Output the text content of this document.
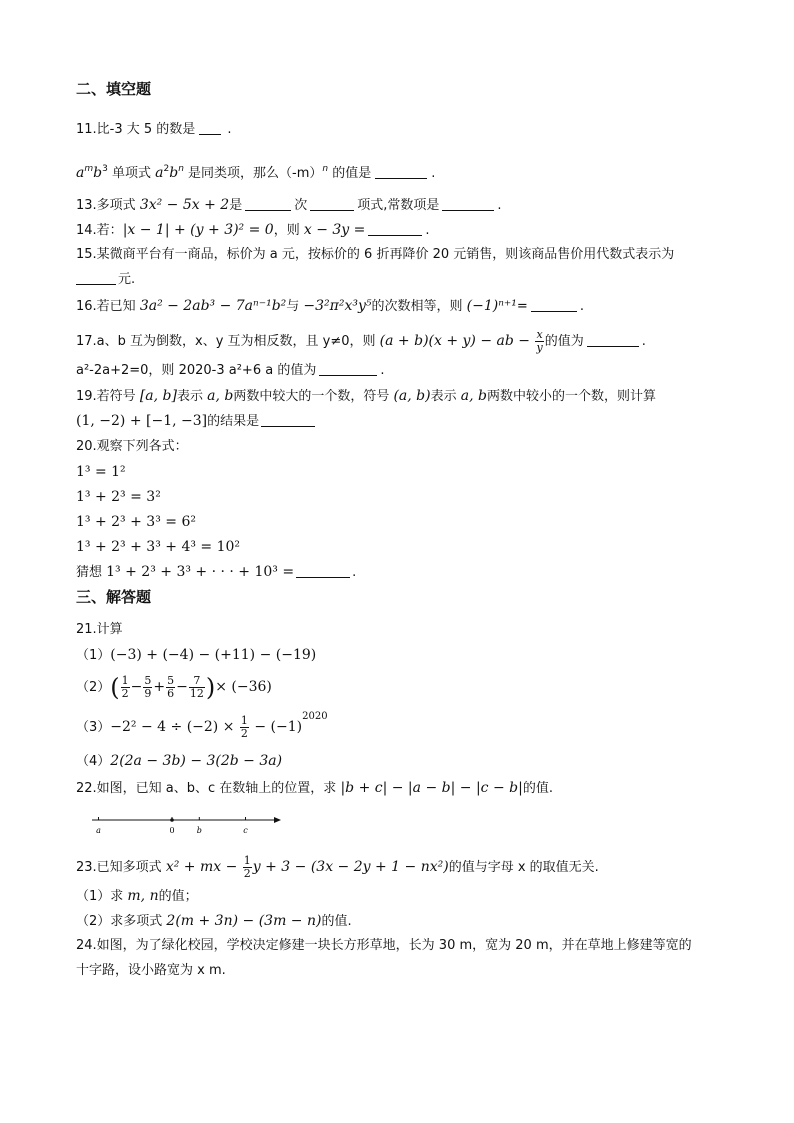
二、填空题
11.比-3 大 5 的数是 .
$a^mb^3$ 单项式 $a^2b^n$ 是同类项，那么$(-m)^n$ 的值是	.
13.多项式 3x² − 5x + 2是	次	项式,常数项是	.
14.若：|x − 1| + (y + 3)² = 0，则 x − 3y =	.
15.某微商平台有一商品，标价为 a 元，按标价的 6 折再降价 20 元销售，则该商品售价用代数式表示为
元.
16.若已知 3a² − 2ab³ − 7aⁿ⁻¹b²与 −3²π²x³y⁵的次数相等，则 (−1)ⁿ⁺¹=	.
17.a、b 互为倒数，x、y 互为相反数，且 y≠0，则 (a + b)(x + y) − ab − $\frac{x}{y}$ 的值为	.
a²-2a+2=0，则 2020-3 a²+6 a 的值为	.
19.若符号 [a, b]表示 a, b两数中较大的一个数，符号 (a, b)表示 a, b两数中较小的一个数，则计算
(1, −2) + [−1, −3]的结果是
20.观察下列各式：
1³ = 1²
1³ + 2³ = 3²
1³ + 2³ + 3³ = 6²
1³ + 2³ + 3³ + 4³ = 10²
猜想 1³ + 2³ + 3³ + · · · + 10³ =	.
三、解答题
21.计算
（1）(−3) + (−4) − (+11) − (−19)
$(2)( \frac{1}{2} - \frac{5}{9} + \frac{5}{6} - \frac{7}{12}$ )× (−36)
$(3)-2^2 - 4 \div (-2) \times \frac{1}{2} - (-1)^{2020}$
（4）2(2a − 3b) − 3(2b − 3a)
22.如图，已知 a、b、c 在数轴上的位置，求 |b + c| − |a − b| − |c − b|的值.
a	0	b	c
23.已知多项式 x² + mx − $\frac{1}{2}$ y + 3 − (3x − 2y + 1 − nx²)的值与字母 x 的取值无关.
（1）求 m, n的值；
（2）求多项式 2(m + 3n) − (3m − n)的值.
24.如图，为了绿化校园，学校决定修建一块长方形草地，长为 30 m，宽为 20 m，并在草地上修建等宽的
十字路，设小路宽为 x m.
